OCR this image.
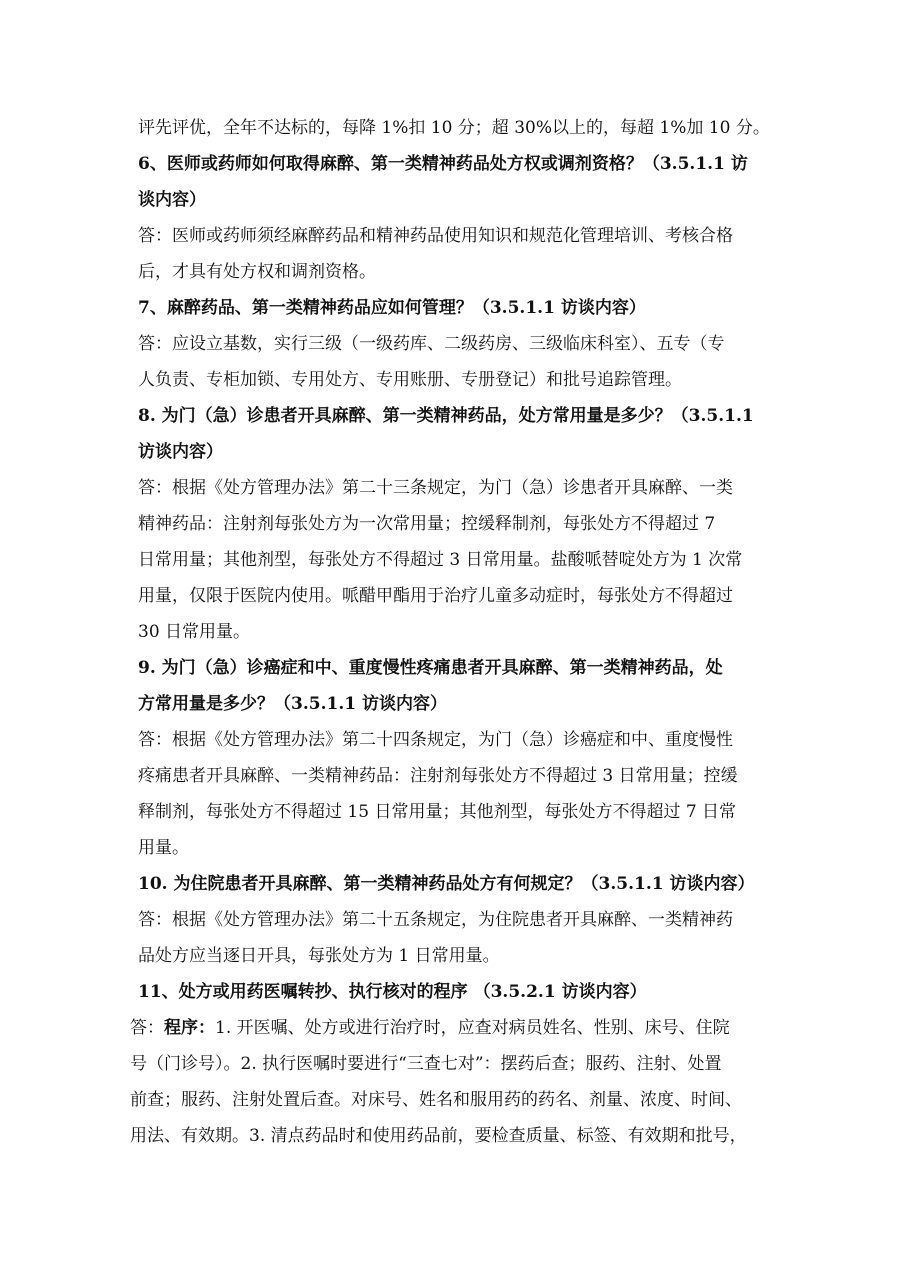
评先评优，全年不达标的，每降 1%扣 10 分；超 30%以上的，每超 1%加 10 分。
6、医师或药师如何取得麻醉、第一类精神药品处方权或调剂资格？（3.5.1.1 访
谈内容）
答：医师或药师须经麻醉药品和精神药品使用知识和规范化管理培训、考核合格
后，才具有处方权和调剂资格。
7、麻醉药品、第一类精神药品应如何管理？（3.5.1.1 访谈内容）
答：应设立基数，实行三级（一级药库、二级药房、三级临床科室）、五专（专
人负责、专柜加锁、专用处方、专用账册、专册登记）和批号追踪管理。
8. 为门（急）诊患者开具麻醉、第一类精神药品，处方常用量是多少？（3.5.1.1
访谈内容）
答：根据《处方管理办法》第二十三条规定，为门（急）诊患者开具麻醉、一类
精神药品：注射剂每张处方为一次常用量；控缓释制剂，每张处方不得超过 7
日常用量；其他剂型，每张处方不得超过 3 日常用量。盐酸哌替啶处方为 1 次常
用量，仅限于医院内使用。哌醋甲酯用于治疗儿童多动症时，每张处方不得超过
30 日常用量。
9. 为门（急）诊癌症和中、重度慢性疼痛患者开具麻醉、第一类精神药品，处
方常用量是多少？（3.5.1.1 访谈内容）
答：根据《处方管理办法》第二十四条规定，为门（急）诊癌症和中、重度慢性
疼痛患者开具麻醉、一类精神药品：注射剂每张处方不得超过 3 日常用量；控缓
释制剂，每张处方不得超过 15 日常用量；其他剂型，每张处方不得超过 7 日常
用量。
10. 为住院患者开具麻醉、第一类精神药品处方有何规定？（3.5.1.1 访谈内容）
答：根据《处方管理办法》第二十五条规定，为住院患者开具麻醉、一类精神药
品处方应当逐日开具，每张处方为 1 日常用量。
11、处方或用药医嘱转抄、执行核对的程序 （3.5.2.1 访谈内容）
答：程序：1. 开医嘱、处方或进行治疗时，应查对病员姓名、性别、床号、住院
号（门诊号）。2. 执行医嘱时要进行“三查七对”：摆药后查；服药、注射、处置
前查；服药、注射处置后查。对床号、姓名和服用药的药名、剂量、浓度、时间、
用法、有效期。3. 清点药品时和使用药品前，要检查质量、标签、有效期和批号，
